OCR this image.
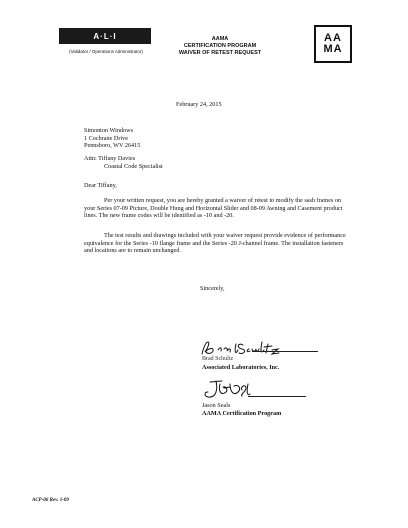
A·L·I
(Validator / Operations Administrator)
AAMA
CERTIFICATION PROGRAM
WAIVER OF RETEST REQUEST
AA
MA
February 24, 2015
Simonton Windows
1 Cochrane Drive
Pennsboro, WV 26415
Attn: Tiffany Davies
Coastal Code Specialist
Dear Tiffany,
Per your written request, you are hereby granted a waiver of retest to modify the sash frames on your Series 07-09 Picture, Double Hung and Horizontal Slider and 08-09 Awning and Casement product lines. The new frame codes will be identified as -10 and -20.
The test results and drawings included with your waiver request provide evidence of performance equivalence for the Series -10 flange frame and the Series -20 J-channel frame. The installation fasteners and locations are to remain unchanged.
Sincerely,
Brad Schultz
Associated Laboratories, Inc.
Jason Seals
AAMA Certification Program
ACP-06 Rev. 1-09
